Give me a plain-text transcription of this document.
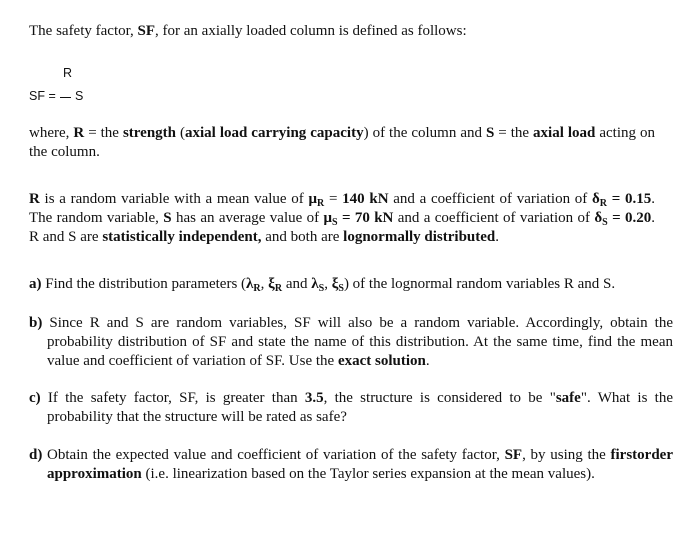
The safety factor, SF, for an axially loaded column is defined as follows:

R
SF = S

where, R = the strength (axial load carrying capacity) of the column and S = the axial load acting on the column.

R is a random variable with a mean value of $\mu_R = 140$ kN and a coefficient of variation of $\delta_R = 0.15$. The random variable, S has an average value of $\mu_S = 70$ kN and a coefficient of variation of $\delta_S = 0.20$. R and S are statistically independent, and both are lognormally distributed.

a) Find the distribution parameters ($\lambda_R$, $\xi_R$ and $\lambda_S$, $\xi_S$) of the lognormal random variables R and S.
b) Since R and S are random variables, SF will also be a random variable. Accordingly, obtain the probability distribution of SF and state the name of this distribution. At the same time, find the mean value and coefficient of variation of SF. Use the exact solution.
c) If the safety factor, SF, is greater than 3.5, the structure is considered to be "safe". What is the probability that the structure will be rated as safe?
d) Obtain the expected value and coefficient of variation of the safety factor, SF, by using the firstorder approximation (i.e. linearization based on the Taylor series expansion at the mean values).
